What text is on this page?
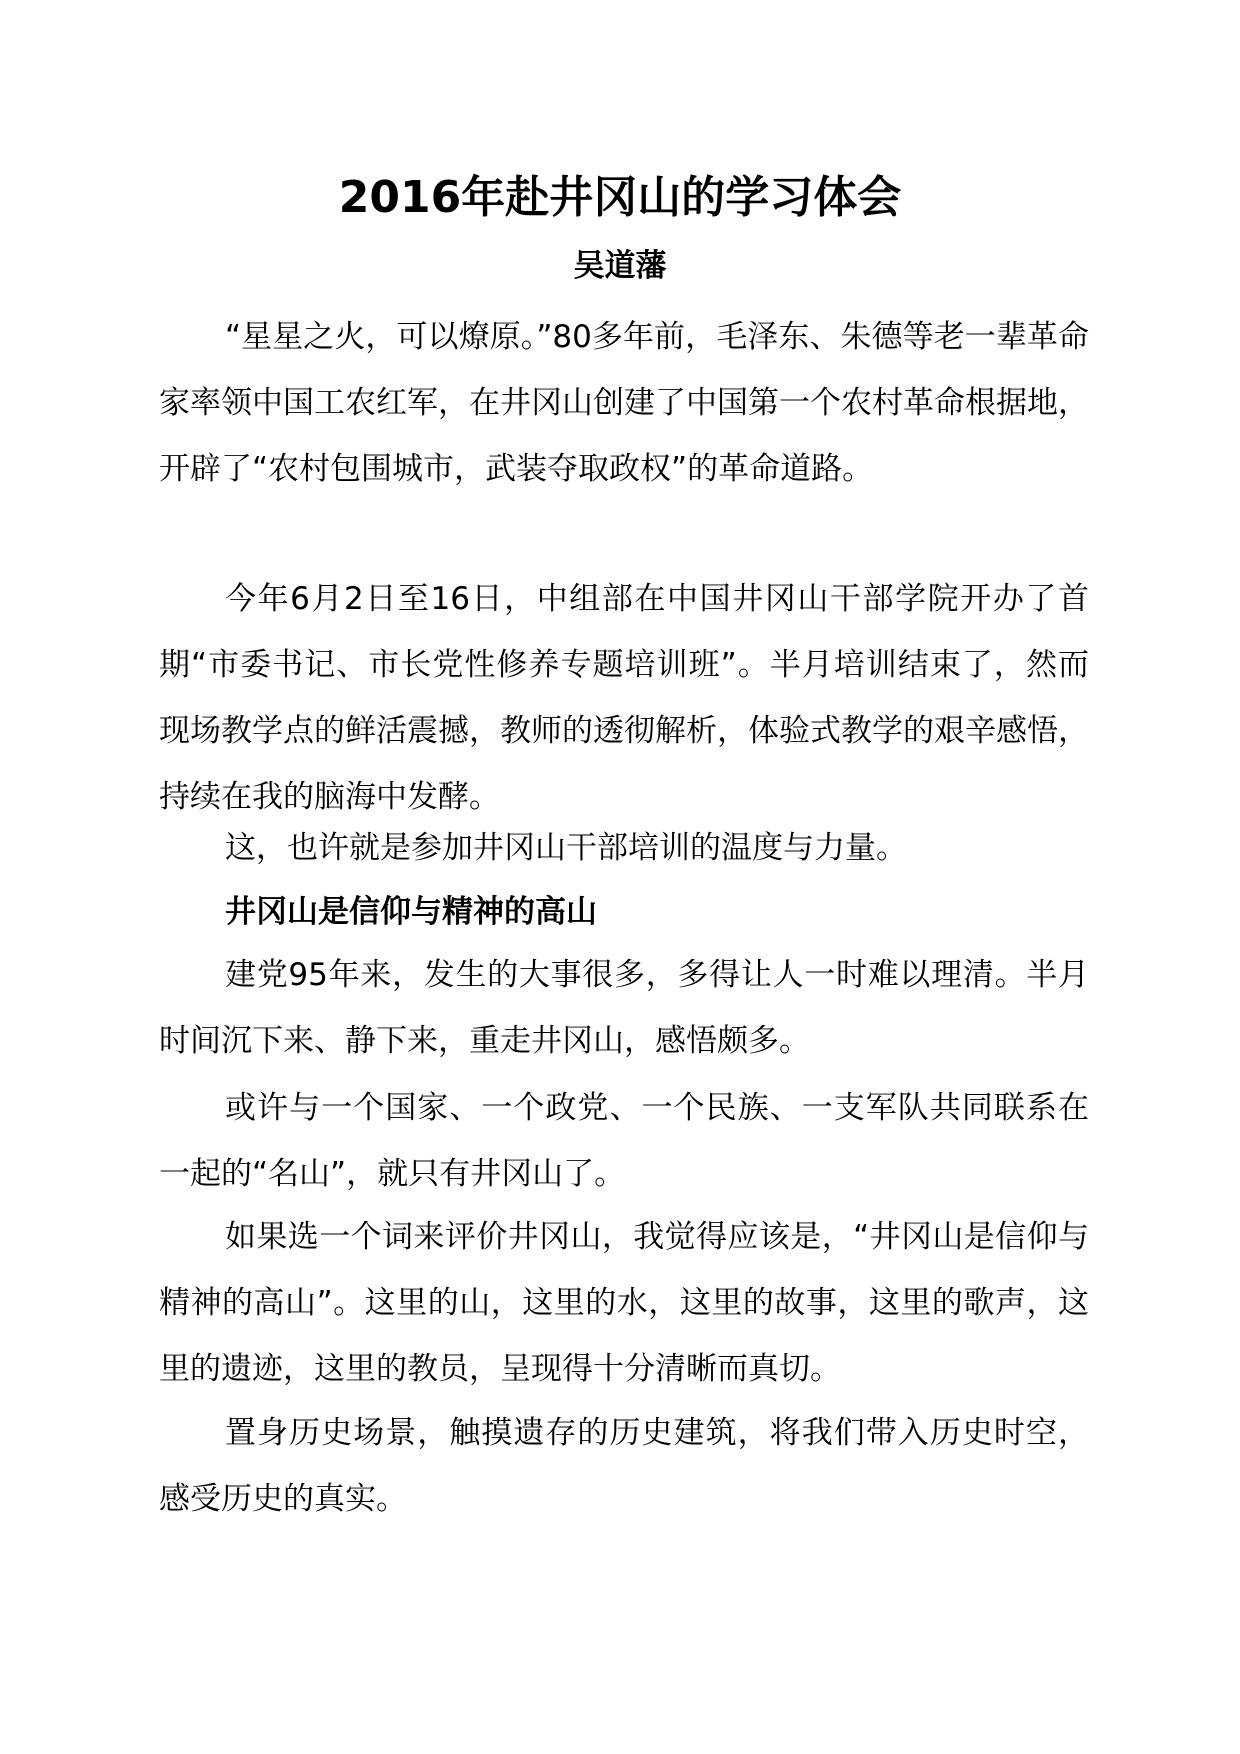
2016年赴井冈山的学习体会
吴道藩

“星星之火，可以燎原。”80多年前，毛泽东、朱德等老一辈革命家率领中国工农红军，在井冈山创建了中国第一个农村革命根据地，开辟了“农村包围城市，武装夺取政权”的革命道路。

今年6月2日至16日，中组部在中国井冈山干部学院开办了首期“市委书记、市长党性修养专题培训班”。半月培训结束了，然而现场教学点的鲜活震撼，教师的透彻解析，体验式教学的艰辛感悟，持续在我的脑海中发酵。

这，也许就是参加井冈山干部培训的温度与力量。

井冈山是信仰与精神的高山

建党95年来，发生的大事很多，多得让人一时难以理清。半月时间沉下来、静下来，重走井冈山，感悟颇多。

或许与一个国家、一个政党、一个民族、一支军队共同联系在一起的“名山”，就只有井冈山了。

如果选一个词来评价井冈山，我觉得应该是，“井冈山是信仰与精神的高山”。这里的山，这里的水，这里的故事，这里的歌声，这里的遗迹，这里的教员，呈现得十分清晰而真切。

置身历史场景，触摸遗存的历史建筑，将我们带入历史时空，感受历史的真实。
